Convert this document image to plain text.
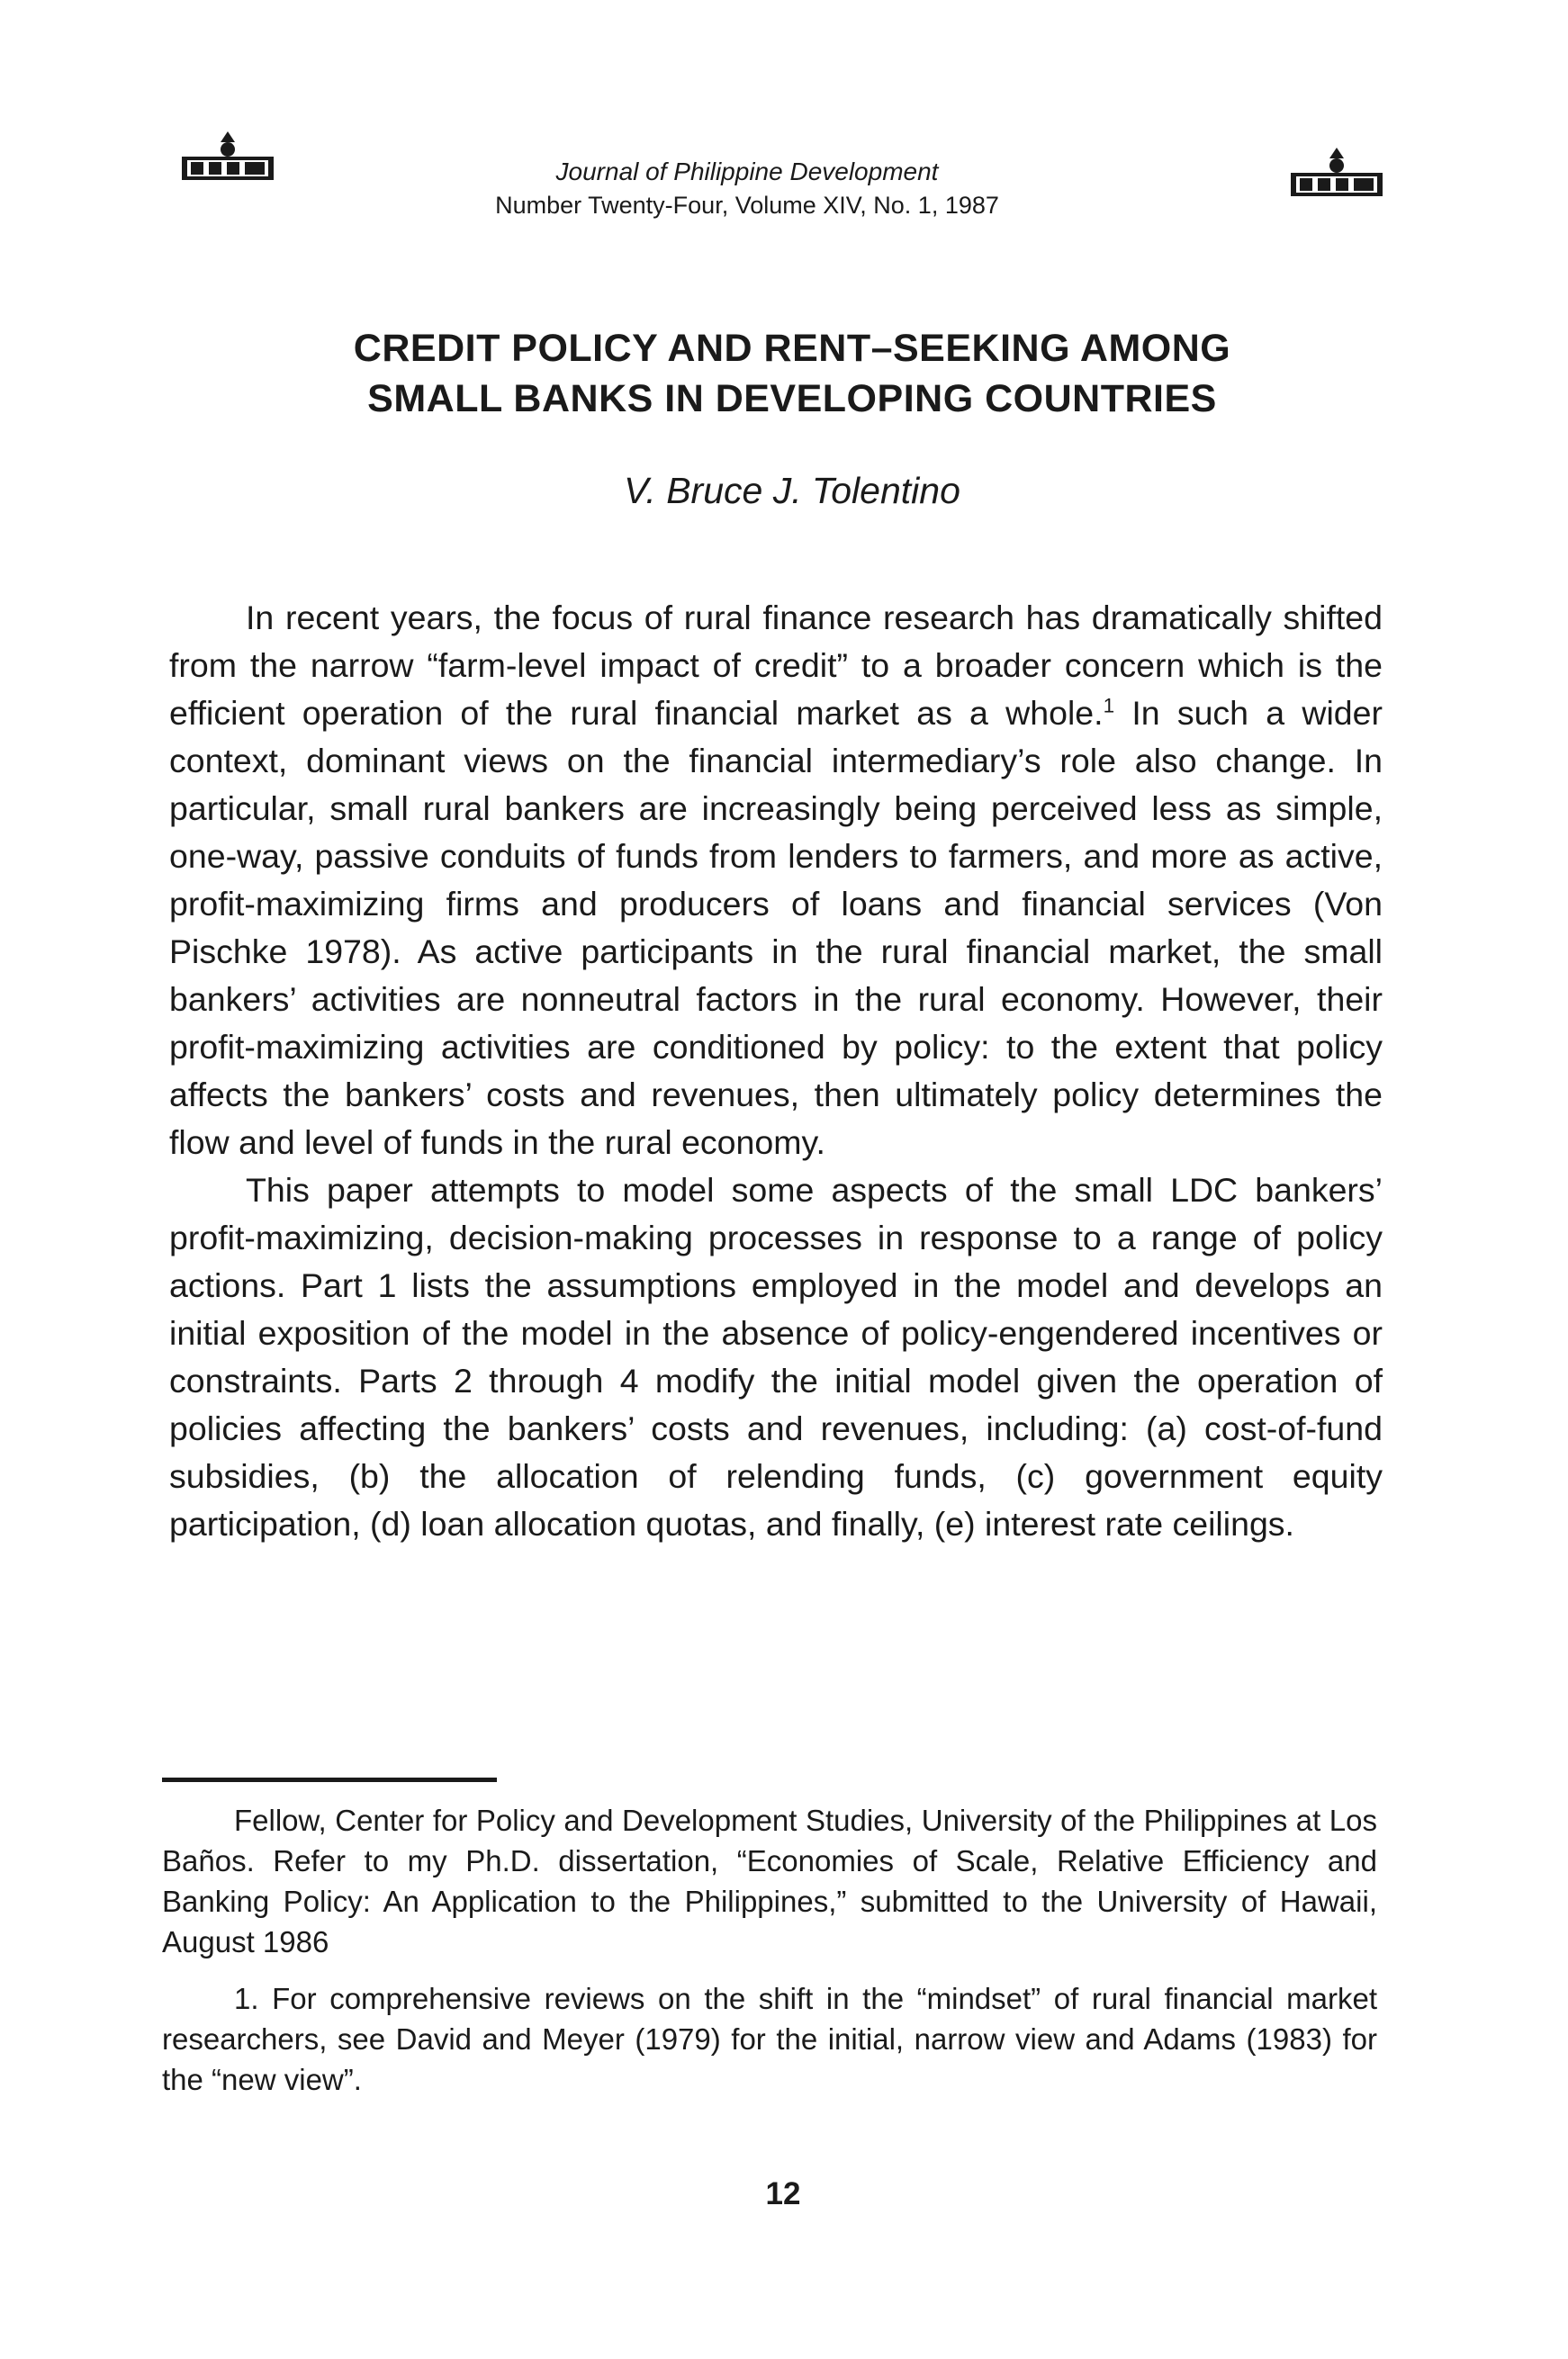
Journal of Philippine Development
Number Twenty-Four, Volume XIV, No. 1, 1987
CREDIT POLICY AND RENT–SEEKING AMONG
SMALL BANKS IN DEVELOPING COUNTRIES
V. Bruce J. Tolentino

In recent years, the focus of rural finance research has dramatically shifted from the narrow “farm-level impact of credit” to a broader concern which is the efficient operation of the rural financial market as a whole.$^1$ In such a wider context, dominant views on the financial intermediary’s role also change. In particular, small rural bankers are increasingly being perceived less as simple, one-way, passive conduits of funds from lenders to farmers, and more as active, profit-maximizing firms and producers of loans and financial services (Von Pischke 1978). As active participants in the rural financial market, the small bankers’ activities are nonneutral factors in the rural economy. However, their profit-maximizing activities are conditioned by policy: to the extent that policy affects the bankers’ costs and revenues, then ultimately policy determines the flow and level of funds in the rural economy.

This paper attempts to model some aspects of the small LDC bankers’ profit-maximizing, decision-making processes in response to a range of policy actions. Part 1 lists the assumptions employed in the model and develops an initial exposition of the model in the absence of policy-engendered incentives or constraints. Parts 2 through 4 modify the initial model given the operation of policies affecting the bankers’ costs and revenues, including: (a) cost-of-fund subsidies, (b) the allocation of relending funds, (c) government equity participation, (d) loan allocation quotas, and finally, (e) interest rate ceilings.

Fellow, Center for Policy and Development Studies, University of the Philippines at Los Baños. Refer to my Ph.D. dissertation, “Economies of Scale, Relative Efficiency and Banking Policy: An Application to the Philippines,” submitted to the University of Hawaii, August 1986

1. For comprehensive reviews on the shift in the “mindset” of rural financial market researchers, see David and Meyer (1979) for the initial, narrow view and Adams (1983) for the “new view”.

12
